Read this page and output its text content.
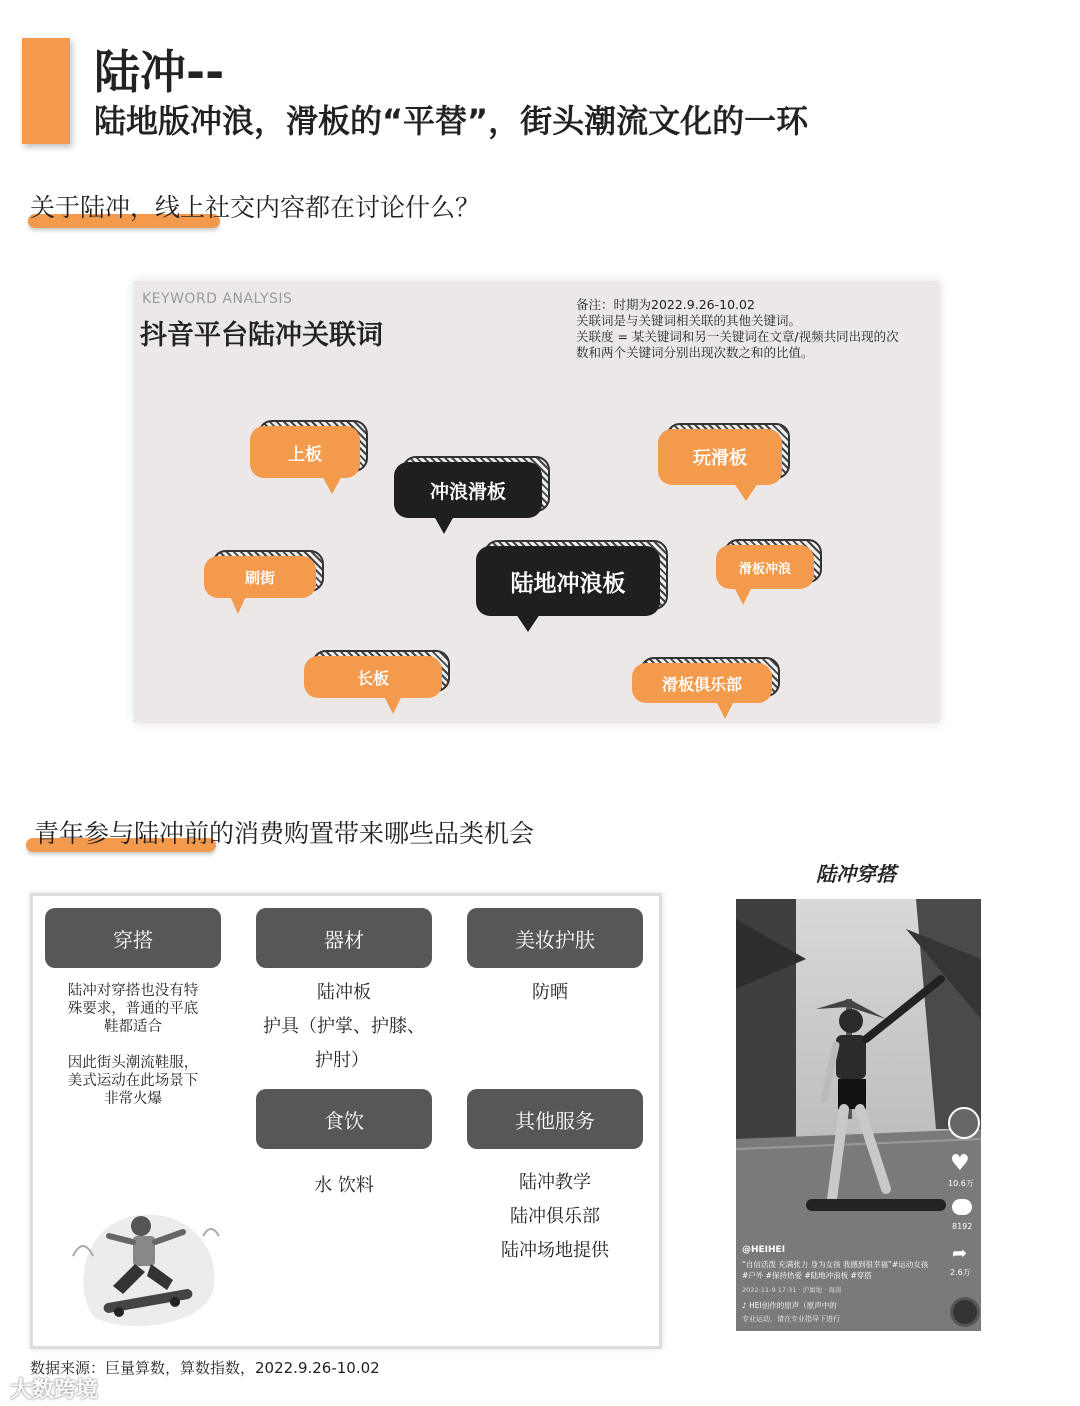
陆冲--
陆地版冲浪，滑板的“平替”，街头潮流文化的一环
关于陆冲，线上社交内容都在讨论什么？
KEYWORD ANALYSIS
抖音平台陆冲关联词
备注：时期为2022.9.26-10.02
关联词是与关键词相关联的其他关键词。
关联度 = 某关键词和另一关键词在文章/视频共同出现的次
数和两个关键词分别出现次数之和的比值。
上板
冲浪滑板
玩滑板
刷街	陆地冲浪板
滑板冲浪
长板	滑板俱乐部
青年参与陆冲前的消费购置带来哪些品类机会
穿搭	器材	美妆护肤
陆冲对穿搭也没有特
殊要求，普通的平底
鞋都适合
因此街头潮流鞋服，
美式运动在此场景下
非常火爆
陆冲板
护具（护掌、护膝、
护肘）
防晒
食饮	其他服务
水 饮料	陆冲教学
陆冲俱乐部
陆冲场地提供
陆冲穿搭
♥
10.6万
8192
➦
2.6万
@HEIHEI
“自信活泼 充满张力 身为女孩 我感到很幸福”#运动女孩 #户外 #保持热爱 #陆地冲浪板 #穿搭
2022-11-9 17:31 · 沪属地 · 海南
♪ HEI创作的原声（原声中的
专业运动，请在专业指导下进行
数据来源：巨量算数，算数指数，2022.9.26-10.02
大数跨境
